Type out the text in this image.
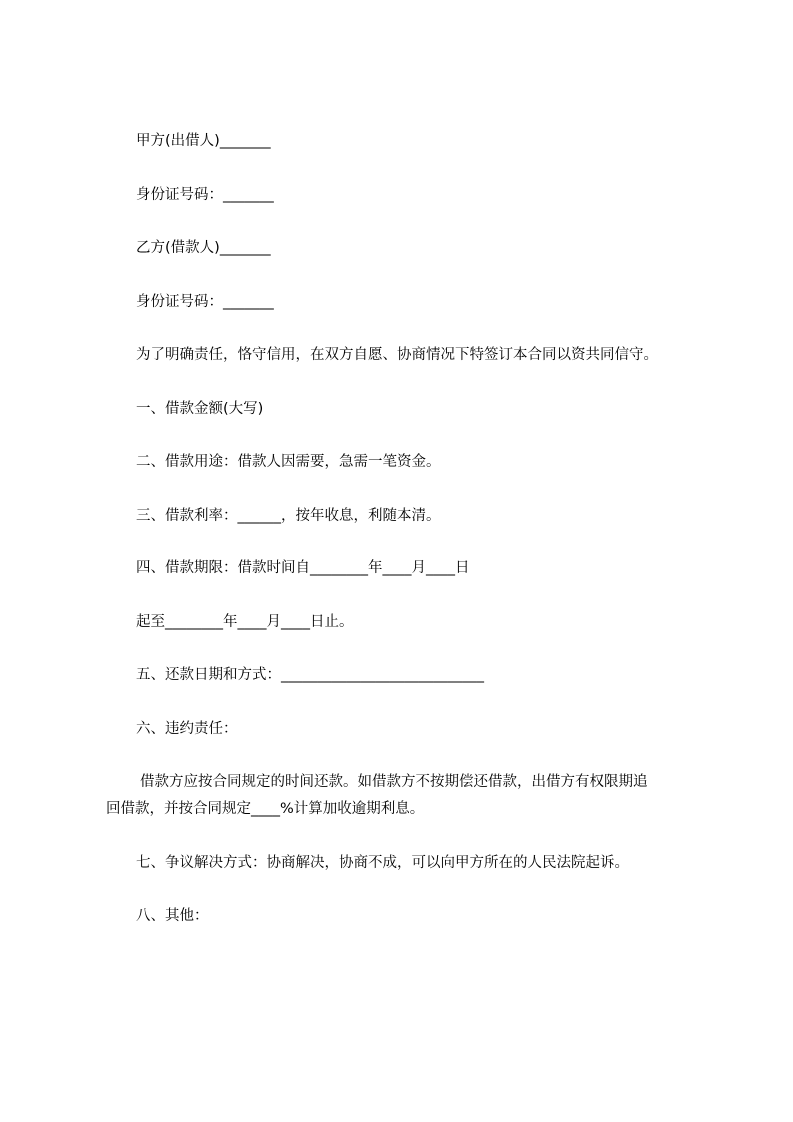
甲方(出借人)_______

身份证号码：_______

乙方(借款人)_______

身份证号码：_______

为了明确责任，恪守信用，在双方自愿、协商情况下特签订本合同以资共同信守。

一、借款金额(大写)

二、借款用途：借款人因需要，急需一笔资金。

三、借款利率：______，按年收息，利随本清。

四、借款期限：借款时间自________年____月____日

起至________年____月____日止。

五、还款日期和方式：____________________________

六、违约责任：

借款方应按合同规定的时间还款。如借款方不按期偿还借款，出借方有权限期追

回借款，并按合同规定____%计算加收逾期利息。

七、争议解决方式：协商解决，协商不成，可以向甲方所在的人民法院起诉。

八、其他：
